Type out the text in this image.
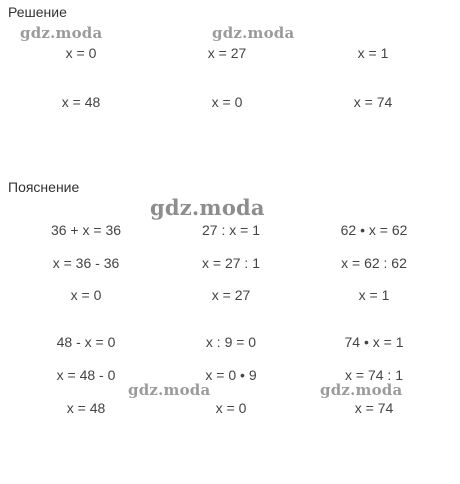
Решение
gdz.moda	gdz.moda
x = 0	x = 27	x = 1
x = 48	x = 0	x = 74
Пояснение
gdz.moda
36 + x = 36	27 : x = 1	62 • x = 62
x = 36 - 36	x = 27 : 1	x = 62 : 62
x = 0	x = 27	x = 1
48 - x = 0	x : 9 = 0	74 • x = 1
x = 48 - 0	x = 0 • 9	x = 74 : 1
gdz.moda	gdz.moda
x = 48	x = 0	x = 74
